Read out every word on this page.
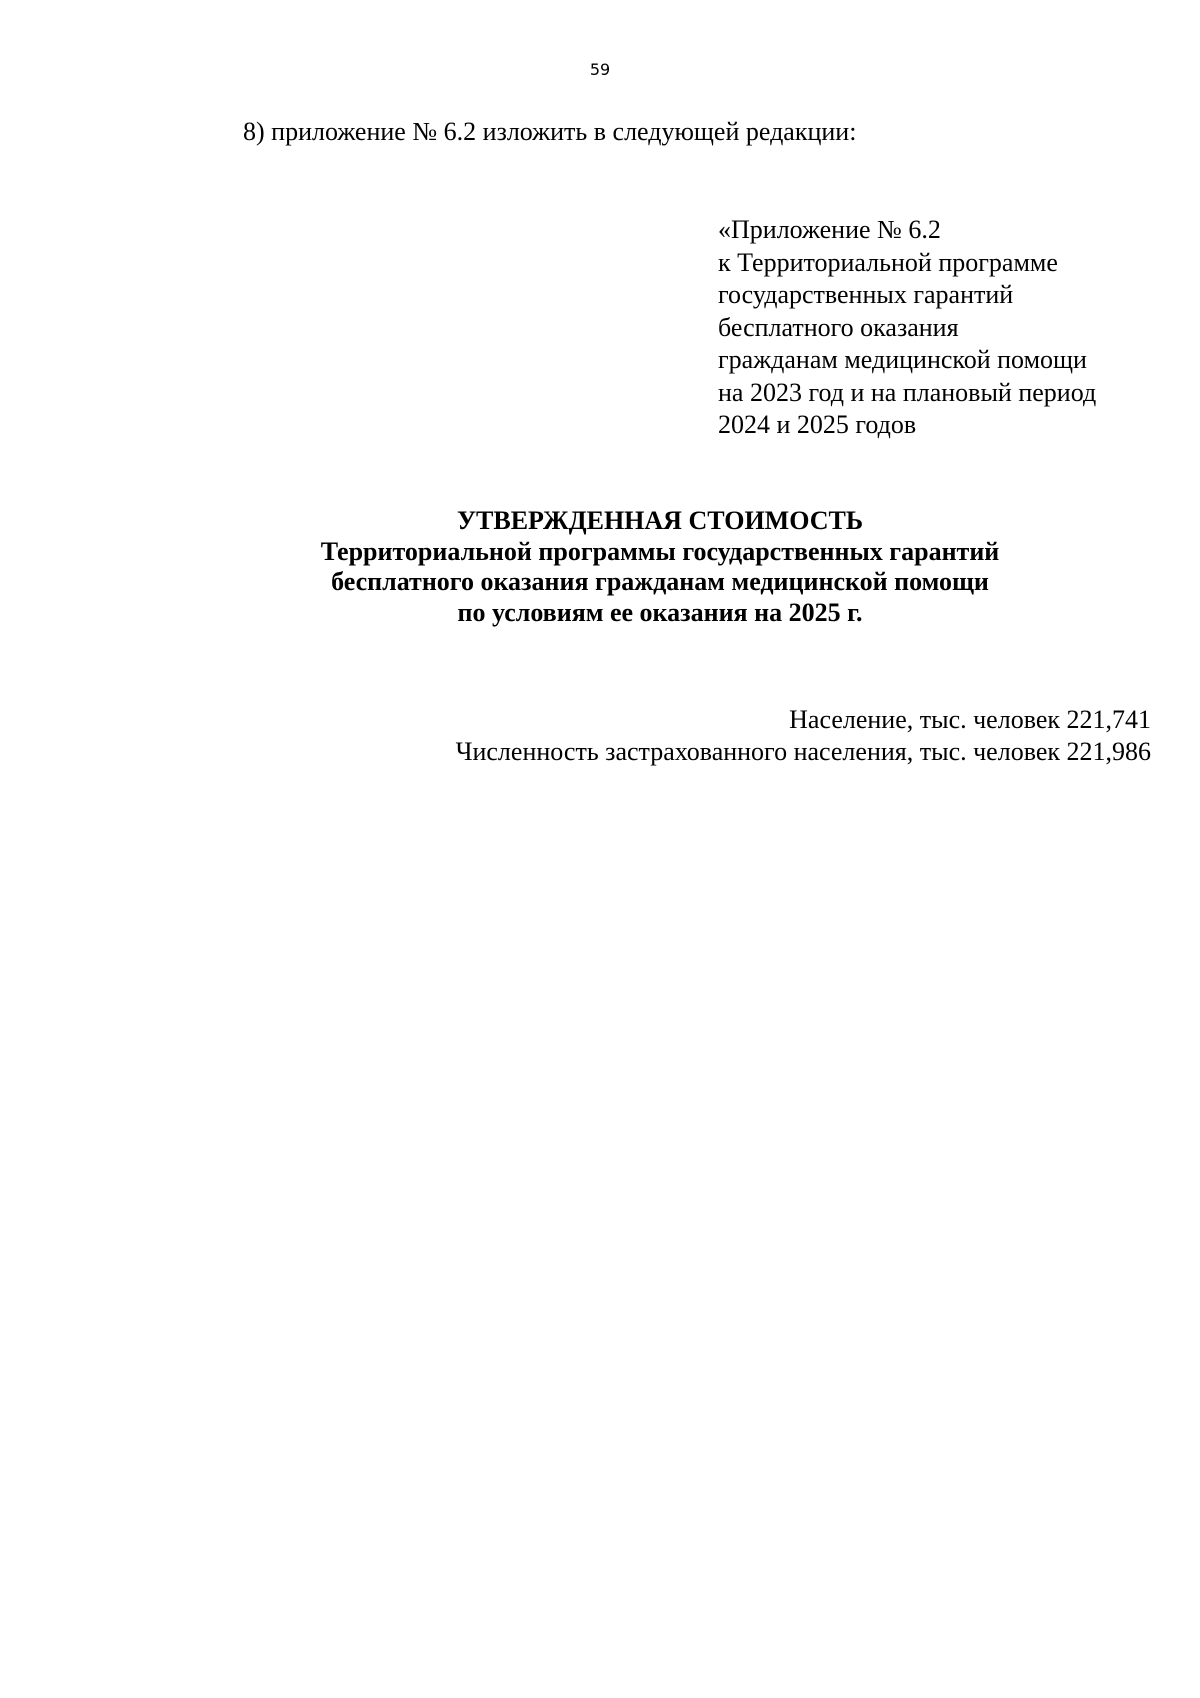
59
8) приложение № 6.2 изложить в следующей редакции:
«Приложение № 6.2
к Территориальной программе
государственных гарантий
бесплатного оказания
гражданам медицинской помощи
на 2023 год и на плановый период
2024 и 2025 годов
УТВЕРЖДЕННАЯ СТОИМОСТЬ
Территориальной программы государственных гарантий
бесплатного оказания гражданам медицинской помощи
по условиям ее оказания на 2025 г.
Население, тыс. человек 221,741
Численность застрахованного населения, тыс. человек 221,986
